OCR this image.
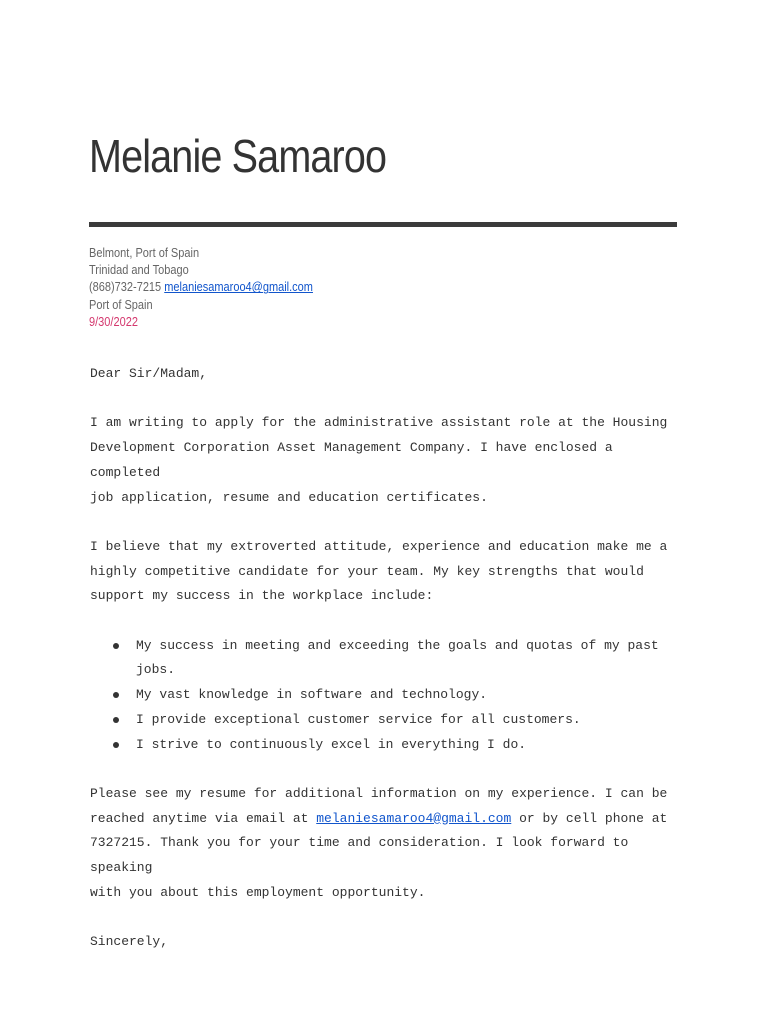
Melanie Samaroo
Belmont, Port of Spain
Trinidad and Tobago
(868)732-7215 melaniesamaroo4@gmail.com
Port of Spain
9/30/2022

Dear Sir/Madam,

I am writing to apply for the administrative assistant role at the Housing

Development Corporation Asset Management Company. I have enclosed a completed

job application, resume and education certificates.

I believe that my extroverted attitude, experience and education make me a

highly competitive candidate for your team. My key strengths that would

support my success in the workplace include:

My success in meeting and exceeding the goals and quotas of my past
jobs.
My vast knowledge in software and technology.
I provide exceptional customer service for all customers.
I strive to continuously excel in everything I do.

Please see my resume for additional information on my experience. I can be

reached anytime via email at melaniesamaroo4@gmail.com or by cell phone at

7327215. Thank you for your time and consideration. I look forward to speaking

with you about this employment opportunity.

Sincerely,
